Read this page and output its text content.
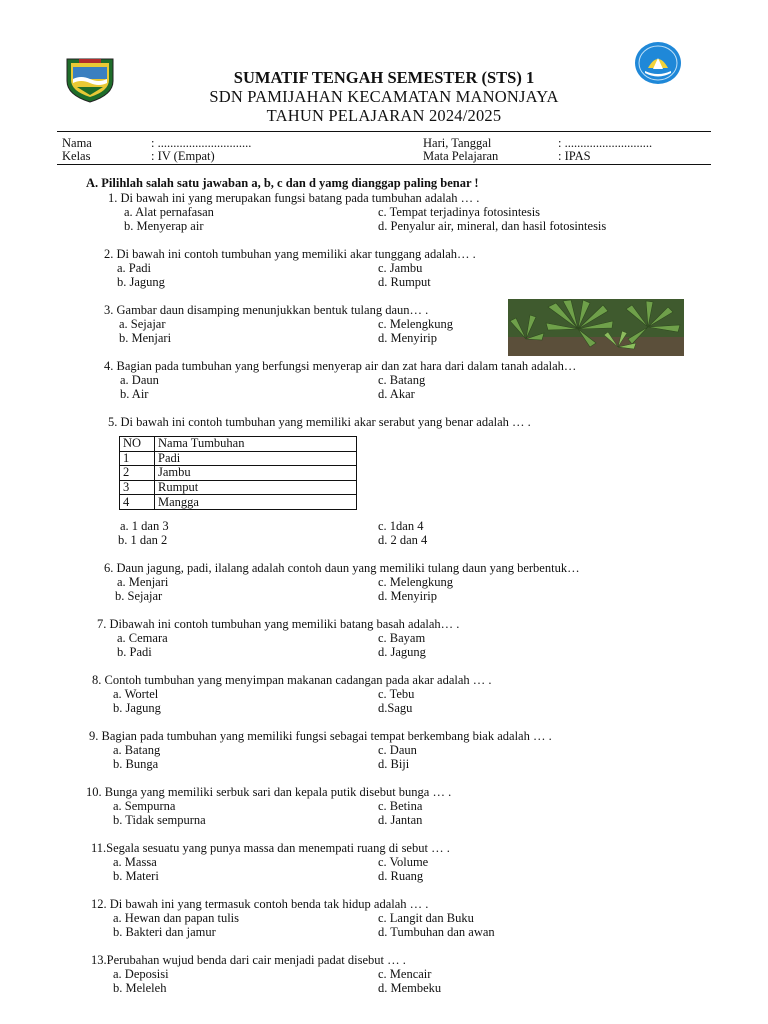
SUMATIF TENGAH SEMESTER (STS) 1
SDN PAMIJAHAN KECAMATAN MANONJAYA
TAHUN PELAJARAN 2024/2025
Nama	: ..............................
Kelas	: IV (Empat)
Hari, Tanggal	: ............................
Mata Pelajaran	: IPAS
A. Pilihlah salah satu jawaban a, b, c dan d yamg dianggap paling benar !
1. Di bawah ini yang merupakan fungsi batang pada tumbuhan adalah … .
a. Alat pernafasan
b. Menyerap air
c. Tempat terjadinya fotosintesis
d. Penyalur air, mineral, dan hasil fotosintesis
2. Di bawah ini contoh tumbuhan yang memiliki akar tunggang adalah… .
a. Padi
b. Jagung
c. Jambu
d. Rumput
3. Gambar daun disamping menunjukkan bentuk tulang daun… .
a. Sejajar
b. Menjari
c. Melengkung
d. Menyirip
4. Bagian pada tumbuhan yang berfungsi menyerap air dan zat hara dari dalam tanah adalah…
a. Daun
b. Air
c. Batang
d. Akar
5. Di bawah ini contoh tumbuhan yang memiliki akar serabut yang benar adalah … .
NO	Nama Tumbuhan
1	Padi
2	Jambu
3	Rumput
4	Mangga
a. 1 dan 3
b. 1 dan 2
c. 1dan 4
d. 2 dan 4
6. Daun jagung, padi, ilalang adalah contoh daun yang memiliki tulang daun yang berbentuk…
a. Menjari
b. Sejajar
c. Melengkung
d. Menyirip
7. Dibawah ini contoh tumbuhan yang memiliki batang basah adalah… .
a. Cemara
b. Padi
c. Bayam
d. Jagung
8. Contoh tumbuhan yang menyimpan makanan cadangan pada akar adalah … .
a. Wortel
b. Jagung
c. Tebu
d.Sagu
9. Bagian pada tumbuhan yang memiliki fungsi sebagai tempat berkembang biak adalah … .
a. Batang
b. Bunga
c. Daun
d. Biji
10. Bunga yang memiliki serbuk sari dan kepala putik disebut bunga … .
a. Sempurna
b. Tidak sempurna
c. Betina
d. Jantan
11.Segala sesuatu yang punya massa dan menempati ruang di sebut … .
a. Massa
b. Materi
c. Volume
d. Ruang
12. Di bawah ini yang termasuk contoh benda tak hidup adalah … .
a. Hewan dan papan tulis
b. Bakteri dan jamur
c. Langit dan Buku
d. Tumbuhan dan awan
13.Perubahan wujud benda dari cair menjadi padat disebut … .
a. Deposisi
b. Meleleh
c. Mencair
d. Membeku
